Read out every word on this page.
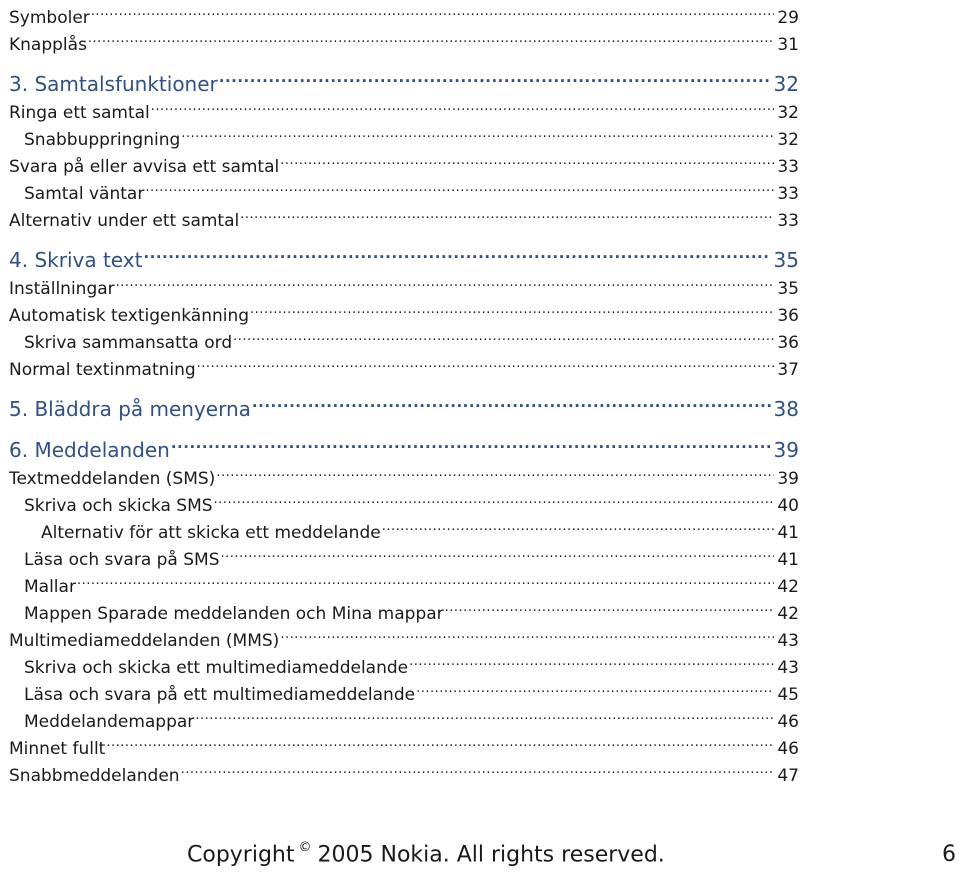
Symboler .....	29
Knapplås .....	31
3. Samtalsfunktioner .....	32
Ringa ett samtal .....	32
Snabbuppringning .....	32
Svara på eller avvisa ett samtal .....	33
Samtal väntar .....	33
Alternativ under ett samtal .....	33
4. Skriva text .....	35
Inställningar .....	35
Automatisk textigenkänning .....	36
Skriva sammansatta ord .....	36
Normal textinmatning .....	37
5. Bläddra på menyerna .....	38
6. Meddelanden .....	39
Textmeddelanden (SMS) .....	39
Skriva och skicka SMS .....	40
Alternativ för att skicka ett meddelande .....	41
Läsa och svara på SMS .....	41
Mallar .....	42
Mappen Sparade meddelanden och Mina mappar .....	42
Multimediameddelanden (MMS) .....	43
Skriva och skicka ett multimediameddelande .....	43
Läsa och svara på ett multimediameddelande .....	45
Meddelandemappar .....	46
Minnet fullt .....	46
Snabbmeddelanden .....	47
Copyright © 2005 Nokia. All rights reserved.	6
